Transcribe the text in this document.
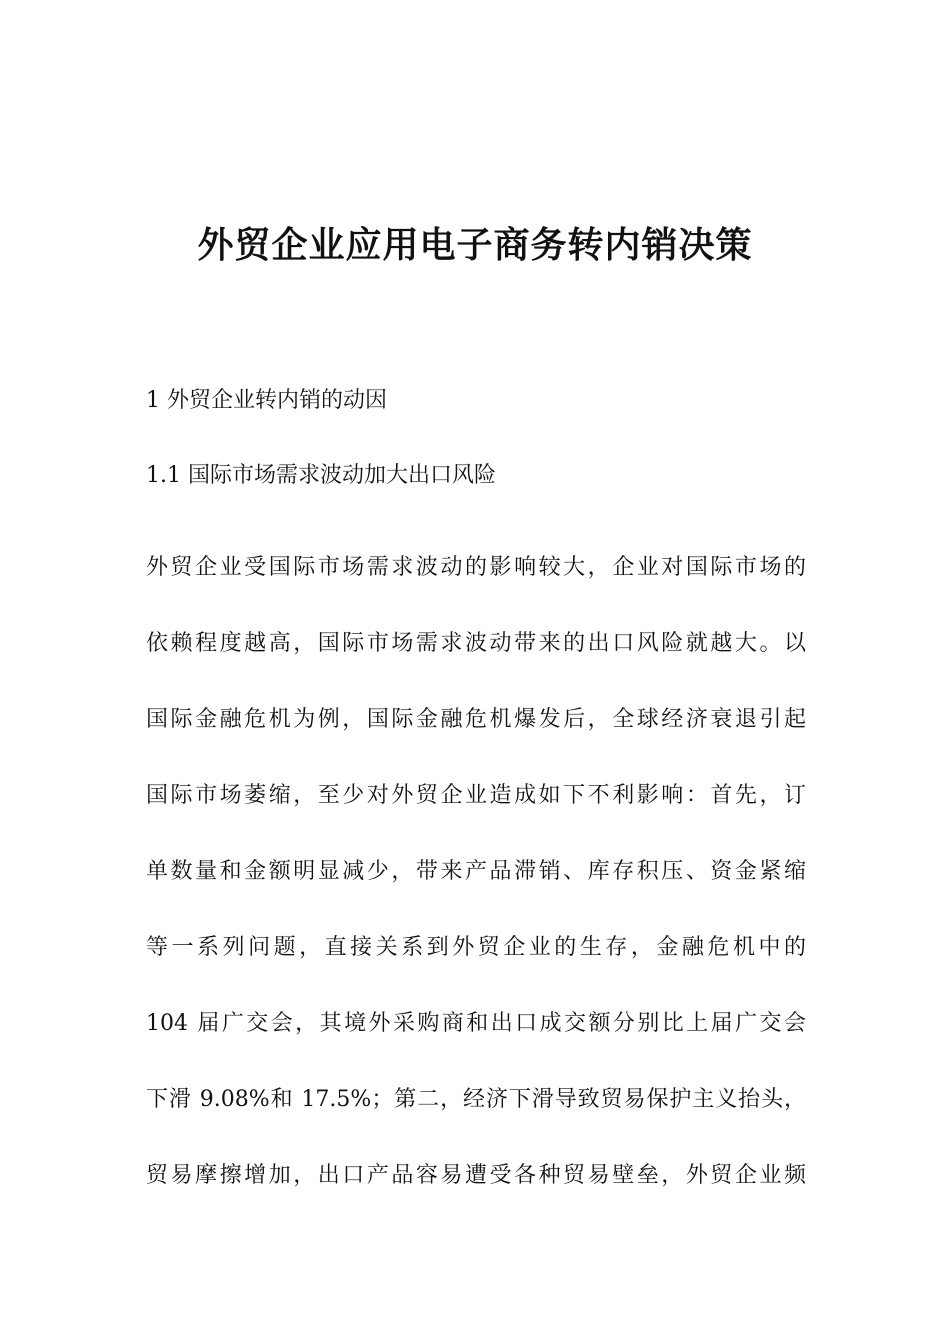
外贸企业应用电子商务转内销决策

1 外贸企业转内销的动因

1.1 国际市场需求波动加大出口风险

外贸企业受国际市场需求波动的影响较大，企业对国际市场的
依赖程度越高，国际市场需求波动带来的出口风险就越大。以
国际金融危机为例，国际金融危机爆发后，全球经济衰退引起
国际市场萎缩，至少对外贸企业造成如下不利影响：首先，订
单数量和金额明显减少，带来产品滞销、库存积压、资金紧缩
等一系列问题，直接关系到外贸企业的生存，金融危机中的
104 届广交会，其境外采购商和出口成交额分别比上届广交会
下滑 9.08%和 17.5%；第二，经济下滑导致贸易保护主义抬头，
贸易摩擦增加，出口产品容易遭受各种贸易壁垒，外贸企业频
